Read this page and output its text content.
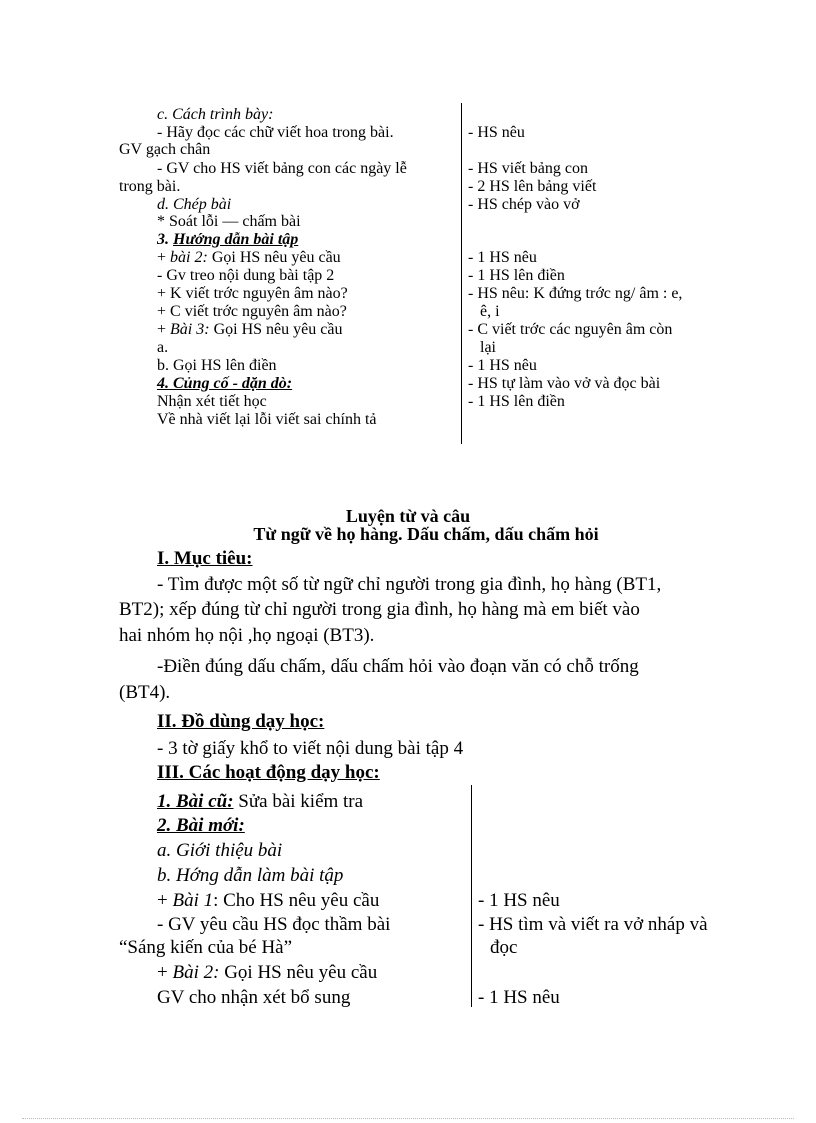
c. Cách trình bày:
- Hãy đọc các chữ viết hoa trong bài.
GV gạch chân
- GV cho HS viết bảng con các ngày lễ
trong bài.
d. Chép bài
* Soát lỗi — chấm bài
3. Hướng dẫn bài tập
+ bài 2: Gọi HS nêu yêu cầu
- Gv treo nội dung bài tập 2
+ K viết trớc nguyên âm nào?
+ C viết trớc nguyên âm nào?
+ Bài 3: Gọi HS nêu yêu cầu
a.
b. Gọi HS lên điền
4. Củng cố - dặn dò:
Nhận xét tiết học
Về nhà viết lại lỗi viết sai chính tả
- HS nêu
- HS viết bảng con
- 2 HS lên bảng viết
- HS chép vào vở
- 1 HS nêu
- 1 HS lên điền
- HS nêu: K đứng trớc ng/ âm : e,
ê, i
- C viết trớc các nguyên âm còn
lại
- 1 HS nêu
- HS tự làm vào vở và đọc bài
- 1 HS lên điền
Luyện từ và câu
Từ ngữ về họ hàng. Dấu chấm, dấu chấm hỏi
I. Mục tiêu:
- Tìm được một số từ ngữ chỉ người trong gia đình, họ hàng (BT1,
BT2); xếp đúng từ chỉ người trong gia đình, họ hàng mà em biết vào
hai nhóm họ nội ,họ ngoại (BT3).
-Điền đúng dấu chấm, dấu chấm hỏi vào đoạn văn có chỗ trống
(BT4).
II. Đồ dùng dạy học:
- 3 tờ giấy khổ to viết nội dung bài tập 4
III. Các hoạt động dạy học:
1. Bài cũ: Sửa bài kiểm tra
2. Bài mới:
a. Giới thiệu bài
b. Hớng dẫn làm bài tập
+ Bài 1: Cho HS nêu yêu cầu
- GV yêu cầu HS đọc thầm bài
“Sáng kiến của bé Hà”
+ Bài 2: Gọi HS nêu yêu cầu
GV cho nhận xét bổ sung
- 1 HS nêu
- HS tìm và viết ra vở nháp và
đọc
- 1 HS nêu
